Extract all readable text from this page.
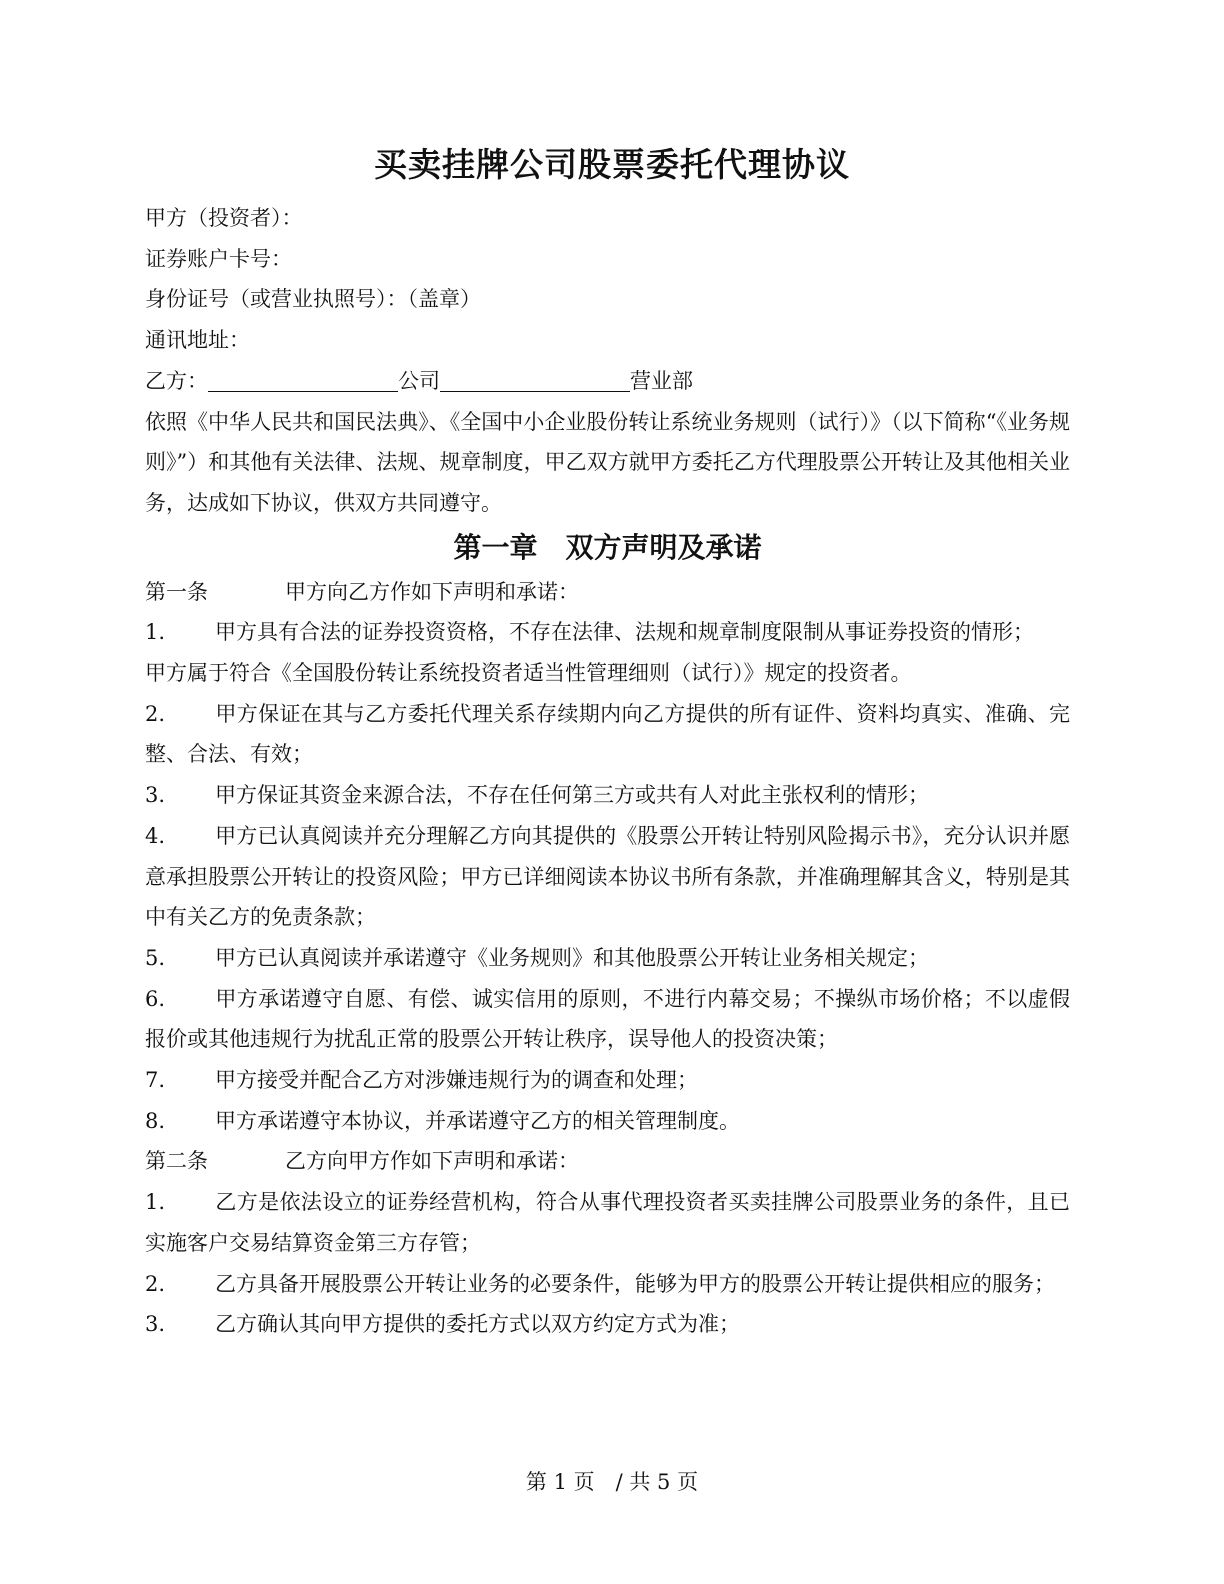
买卖挂牌公司股票委托代理协议

甲方（投资者）：

证券账户卡号：

身份证号（或营业执照号）：（盖章）

通讯地址：

乙方：	公司	营业部

依照《中华人民共和国民法典》、《全国中小企业股份转让系统业务规则（试行）》（以下简称“《业务规则》”）和其他有关法律、法规、规章制度，甲乙双方就甲方委托乙方代理股票公开转让及其他相关业务，达成如下协议，供双方共同遵守。

第一章　双方声明及承诺

第一条	甲方向乙方作如下声明和承诺：

1. 甲方具有合法的证券投资资格，不存在法律、法规和规章制度限制从事证券投资的情形；

甲方属于符合《全国股份转让系统投资者适当性管理细则（试行）》规定的投资者。

2. 甲方保证在其与乙方委托代理关系存续期内向乙方提供的所有证件、资料均真实、准确、完整、合法、有效；

3. 甲方保证其资金来源合法，不存在任何第三方或共有人对此主张权利的情形；

4. 甲方已认真阅读并充分理解乙方向其提供的《股票公开转让特别风险揭示书》，充分认识并愿意承担股票公开转让的投资风险；甲方已详细阅读本协议书所有条款，并准确理解其含义，特别是其中有关乙方的免责条款；

5. 甲方已认真阅读并承诺遵守《业务规则》和其他股票公开转让业务相关规定；

6. 甲方承诺遵守自愿、有偿、诚实信用的原则，不进行内幕交易；不操纵市场价格；不以虚假报价或其他违规行为扰乱正常的股票公开转让秩序，误导他人的投资决策；

7. 甲方接受并配合乙方对涉嫌违规行为的调查和处理；

8. 甲方承诺遵守本协议，并承诺遵守乙方的相关管理制度。

第二条	乙方向甲方作如下声明和承诺：

1. 乙方是依法设立的证券经营机构，符合从事代理投资者买卖挂牌公司股票业务的条件，且已实施客户交易结算资金第三方存管；

2. 乙方具备开展股票公开转让业务的必要条件，能够为甲方的股票公开转让提供相应的服务；

3. 乙方确认其向甲方提供的委托方式以双方约定方式为准；

第 1 页　/ 共 5 页
